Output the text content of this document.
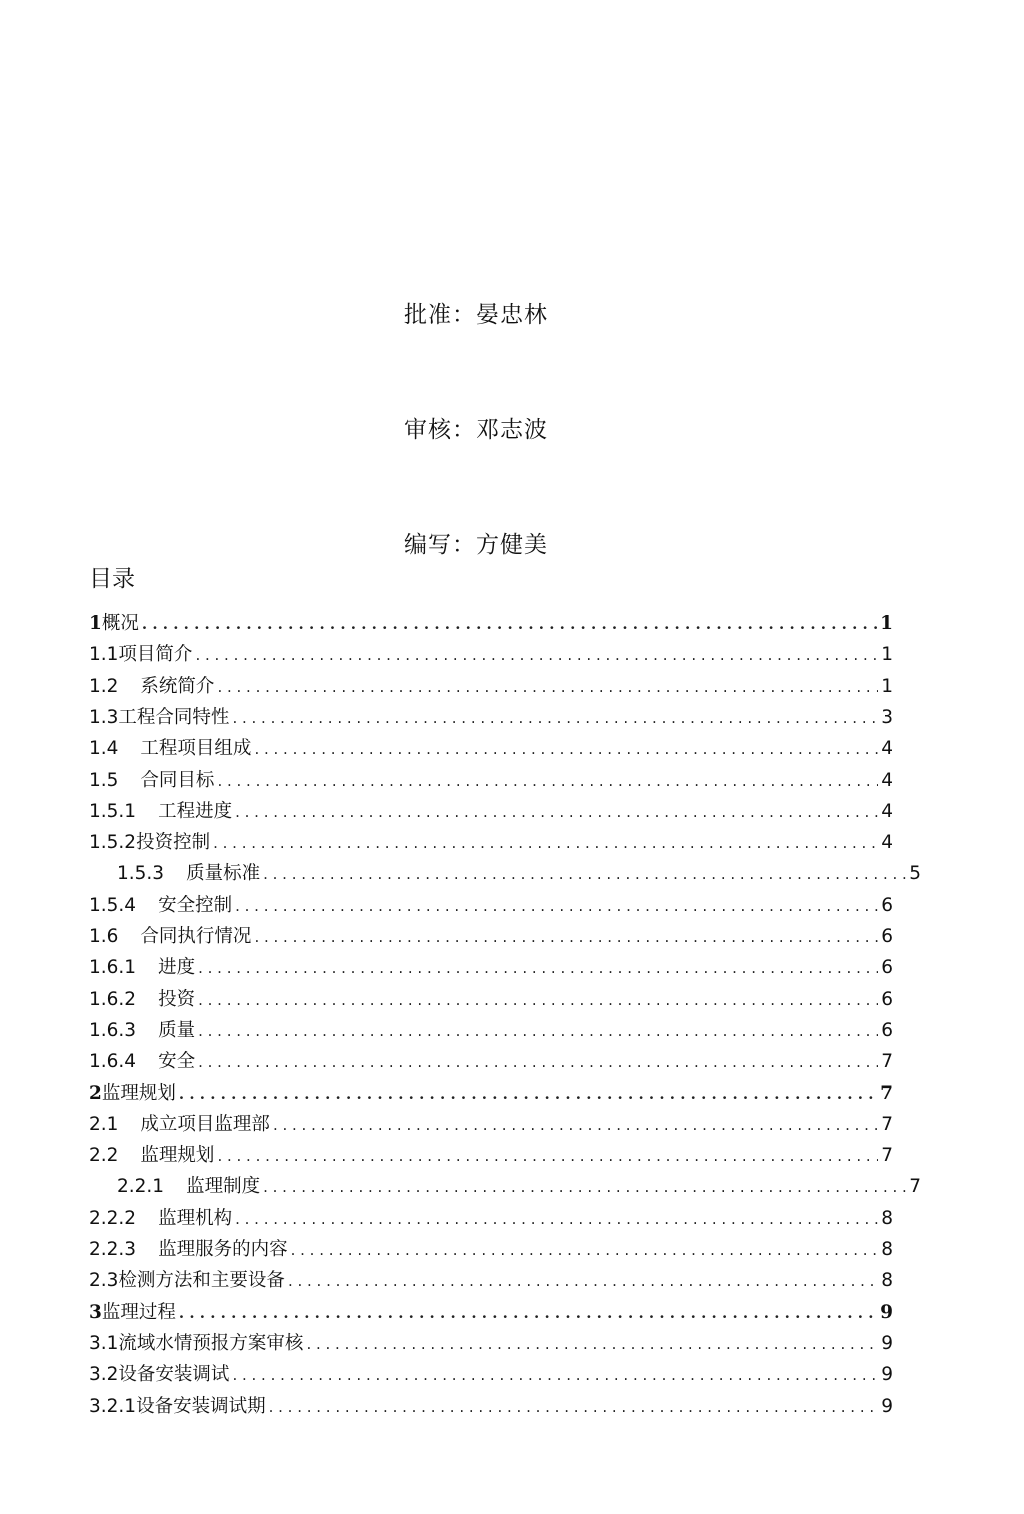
批准：晏忠林
审核：邓志波
编写：方健美
目录
1 概况 . . .	1
1.1 项目简介 . . .	1
1.2 系统简介 . . .	1
1.3 工程合同特性 . . .	3
1.4 工程项目组成 . . .	4
1.5 合同目标 . . .	4
1.5.1 工程进度 . . .	4
1.5.2 投资控制 . . .	4
1.5.3 质量标准 . . .	5
1.5.4 安全控制 . . .	6
1.6 合同执行情况 . . .	6
1.6.1 进度 . . .	6
1.6.2 投资 . . .	6
1.6.3 质量 . . .	6
1.6.4 安全 . . .	7
2 监理规划 . . .	7
2.1 成立项目监理部 . . .	7
2.2 监理规划 . . .	7
2.2.1 监理制度 . . .	7
2.2.2 监理机构 . . .	8
2.2.3 监理服务的内容 . . .	8
2.3 检测方法和主要设备 . . .	8
3 监理过程 . . .	9
3.1 流域水情预报方案审核 . . .	9
3.2 设备安装调试 . . .	9
3.2.1 设备安装调试期 . . .	9
